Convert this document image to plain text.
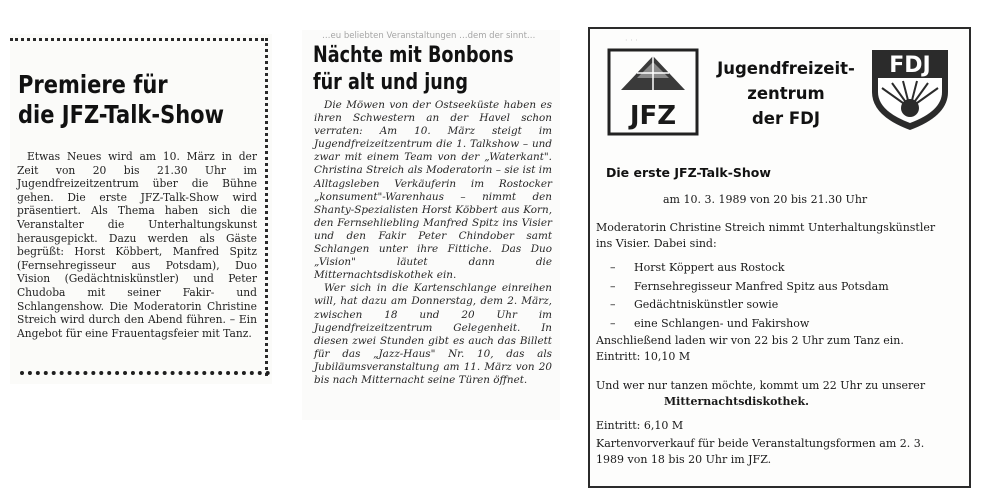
Premiere für
die JFZ-Talk-Show
Etwas Neues wird am 10. März in der Zeit von 20 bis 21.30 Uhr im Jugendfreizeitzentrum über die Bühne gehen. Die erste JFZ-Talk-Show wird präsentiert. Als Thema haben sich die Veranstalter die Unterhaltungskunst herausgepickt. Dazu werden als Gäste begrüßt: Horst Köbbert, Manfred Spitz (Fernsehregisseur aus Potsdam), Duo Vision (Gedächtniskünstler) und Peter Chudoba mit seiner Fakir- und Schlangenshow. Die Moderatorin Christine Streich wird durch den Abend führen. – Ein Angebot für eine Frauentagsfeier mit Tanz.
…eu beliebten Veranstaltungen …dem der sinnt…
Nächte mit Bonbons
für alt und jung

Die Möwen von der Ostseeküste haben es ihren Schwestern an der Havel schon verraten: Am 10. März steigt im Jugendfreizeitzentrum die 1. Talkshow – und zwar mit einem Team von der „Waterkant". Christina Streich als Moderatorin – sie ist im Alltagsleben Verkäuferin im Rostocker „konsument"-Warenhaus – nimmt den Shanty-Spezialisten Horst Köbbert aus Korn, den Fernsehliebling Manfred Spitz ins Visier und den Fakir Peter Chindober samt Schlangen unter ihre Fittiche. Das Duo „Vision" läutet dann die Mitternachtsdiskothek ein.

Wer sich in die Kartenschlange einreihen will, hat dazu am Donnerstag, dem 2. März, zwischen 18 und 20 Uhr im Jugendfreizeitzentrum Gelegenheit. In diesen zwei Stunden gibt es auch das Billett für das „Jazz-Haus" Nr. 10, das als Jubiläumsveranstaltung am 11. März von 20 bis nach Mitternacht seine Türen öffnet.

· · ·
JFZ
FDJ
Jugendfreizeit-
zentrum
der FDJ
Die erste JFZ-Talk-Show
am 10. 3. 1989 von 20 bis 21.30 Uhr
Moderatorin Christine Streich nimmt Unterhaltungskünstler
ins Visier. Dabei sind:
– Horst Köppert aus Rostock
– Fernsehregisseur Manfred Spitz aus Potsdam
– Gedächtniskünstler sowie
– eine Schlangen- und Fakirshow
Anschließend laden wir von 22 bis 2 Uhr zum Tanz ein.
Eintritt: 10,10 M
Und wer nur tanzen möchte, kommt um 22 Uhr zu unserer
Mitternachtsdiskothek.
Eintritt: 6,10 M
Kartenvorverkauf für beide Veranstaltungsformen am 2. 3.
1989 von 18 bis 20 Uhr im JFZ.
